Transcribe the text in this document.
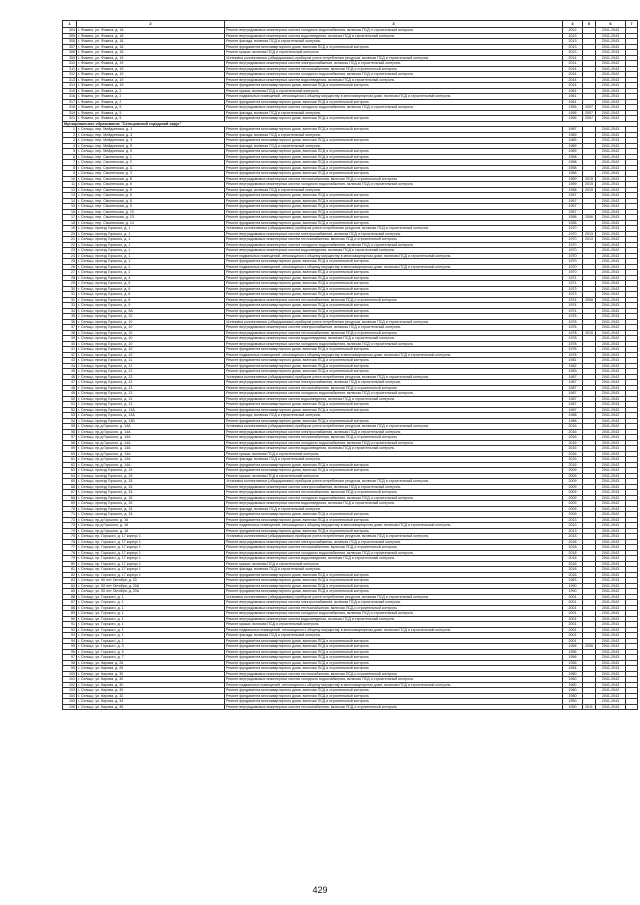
1	2	3	4	5	6	7
304	г. Фокино, ул. Фокина, д. 18	Ремонт внутридомовых инженерных систем холодного водоснабжения, включая ПСД и строительный контроль	2012		2041-2043	
305	г. Фокино, ул. Фокина, д. 18	Ремонт внутридомовых инженерных систем водоотведения, включая ПСД и строительный контроль	2013		2041-2043	
306	г. Фокино, ул. Фокина, д. 18	Ремонт фасада, включая ПСД и строительный контроль	2013		2041-2043	
307	г. Фокино, ул. Фокина, д. 18	Ремонт фундамента многоквартирного дома, включая ПСД и строительный контроль	2013		2041-2043	
308	г. Фокино, ул. Фокина, д. 18	Ремонт крыши, включая ПСД и строительный контроль	2013		2041-2043	
309	г. Фокино, ул. Фокина, д. 19	Установка коллективных (общедомовых) приборов учета потребления ресурсов, включая ПСД и строительный контроль	2014		2041-2043	
310	г. Фокино, ул. Фокина, д. 19	Ремонт внутридомовых инженерных систем электроснабжения, включая ПСД и строительный контроль	2014		2041-2043	
311	г. Фокино, ул. Фокина, д. 19	Ремонт внутридомовых инженерных систем теплоснабжения, включая ПСД и строительный контроль	2014		2041-2043	
312	г. Фокино, ул. Фокина, д. 19	Ремонт внутридомовых инженерных систем холодного водоснабжения, включая ПСД и строительный контроль	2014		2041-2043	
313	г. Фокино, ул. Фокина, д. 19	Ремонт внутридомовых инженерных систем водоотведения, включая ПСД и строительный контроль	2014		2041-2043	
314	г. Фокино, ул. Фокина, д. 19	Ремонт фундамента многоквартирного дома, включая ПСД и строительный контроль	2014		2041-2043	
315	г. Фокино, ул. Фокина, д. 2	Ремонт крыши, включая ПСД и строительный контроль	1961		2041-2043	
316	г. Фокино, ул. Фокина, д. 2	Ремонт подвальных помещений, относящихся к общему имуществу в многоквартирном доме, включая ПСД и строительный контроль	1961		2041-2043	
317	г. Фокино, ул. Фокина, д. 2	Ремонт фундамента многоквартирного дома, включая ПСД и строительный контроль	1961		2041-2043	
318	г. Фокино, ул. Фокина, д. 5	Ремонт внутридомовых инженерных систем холодного водоснабжения, включая ПСД и строительный контроль	1956	2007	2041-2043	
319	г. Фокино, ул. Фокина, д. 5	Ремонт фасада, включая ПСД и строительный контроль	1956	2007	2041-2043	
321	г. Фокино, ул. Фокина, д. 5	Ремонт фундамента многоквартирного дома, включая ПСД и строительный контроль	1956	2007	2041-2043	
Муниципальное образование "Сельцовский городской округ"						
1	г. Сельцо, пер. Мейдонника, д. 1	Ремонт фундамента многоквартирного дома, включая ПСД и строительный контроль	1987		2041-2043	
2	г. Сельцо, пер. Мейдонника, д. 3	Ремонт фасада, включая ПСД и строительный контроль	1989		2041-2043	
3	г. Сельцо, пер. Мейдонника, д. 3	Ремонт фундамента многоквартирного дома, включая ПСД и строительный контроль	1985		2041-2043	
4	г. Сельцо, пер. Мейдонника, д. 5	Ремонт фасада, включая ПСД и строительный контроль	1989		2041-2043	
5	г. Сельцо, пер. Мейдонника, д. 5	Ремонт фундамента многоквартирного дома, включая ПСД и строительный контроль	1989		2041-2043	
6	г. Сельцо, пер. Смоленская, д. 1	Ремонт фундамента многоквартирного дома, включая ПСД и строительный контроль	1958		2041-2043	
7	г. Сельцо, пер. Смоленская, д. 2	Ремонт фундамента многоквартирного дома, включая ПСД и строительный контроль	1958		2041-2043	
8	г. Сельцо, пер. Смоленская, д. 3	Ремонт фундамента многоквартирного дома, включая ПСД и строительный контроль	1958		2041-2043	
9	г. Сельцо, пер. Смоленская, д. 3	Ремонт фундамента многоквартирного дома, включая ПСД и строительный контроль	1958		2041-2043	
10	г. Сельцо, пер. Смоленская, д. 6	Ремонт внутридомовых инженерных систем теплоснабжения, включая ПСД и строительный контроль	1959	2015	2041-2043	
11	г. Сельцо, пер. Смоленская, д. 6	Ремонт внутридомовых инженерных систем холодного водоснабжения, включая ПСД и строительный контроль	1959	2015	2041-2043	
12	г. Сельцо, пер. Смоленская, д. 8	Ремонт фасада, включая ПСД и строительный контроль	1958	2015	2041-2043	
13	г. Сельцо, пер. Смоленская, д. 8	Ремонт фундамента многоквартирного дома, включая ПСД и строительный контроль	1957		2041-2043	
14	г. Сельцо, пер. Смоленская, д. 8	Ремонт фундамента многоквартирного дома, включая ПСД и строительный контроль	1957		2041-2043	
15	г. Сельцо, пер. Смоленская, д. 9	Ремонт фундамента многоквартирного дома, включая ПСД и строительный контроль	1957		2041-2043	
16	г. Сельцо, пер. Смоленская, д. 10	Ремонт фундамента многоквартирного дома, включая ПСД и строительный контроль	1957		2041-2043	
17	г. Сельцо, пер. Смоленская, д. 13	Ремонт фундамента многоквартирного дома, включая ПСД и строительный контроль	1958	2006	2041-2043	
18	г. Сельцо, пер. Смоленская, д. 13	Ремонт фундамента многоквартирного дома, включая ПСД и строительный контроль	1958		2041-2043	
19	г. Сельцо, проезд Горького, д. 1	Установка коллективных (общедомовых) приборов учета потребления ресурсов, включая ПСД и строительный контроль	1970		2041-2043	
20	г. Сельцо, проезд Горького, д. 1	Ремонт внутридомовых инженерных систем электроснабжения, включая ПСД и строительный контроль	1970	2013	2041-2043	
21	г. Сельцо, проезд Горького, д. 1	Ремонт внутридомовых инженерных систем теплоснабжения, включая ПСД и строительный контроль	1970	2013	2041-2043	
22	г. Сельцо, проезд Горького, д. 1	Ремонт внутридомовых инженерных систем холодного водоснабжения, включая ПСД и строительный контроль	1970		2041-2043	
23	г. Сельцо, проезд Горького, д. 1	Ремонт внутридомовых инженерных систем водоотведения, включая ПСД и строительный контроль	1970		2041-2043	
24	г. Сельцо, проезд Горького, д. 1	Ремонт подвальных помещений, относящихся к общему имуществу в многоквартирном доме, включая ПСД и строительный контроль	1970		2041-2043	
25	г. Сельцо, проезд Горького, д. 1	Ремонт фундамента многоквартирного дома, включая ПСД и строительный контроль	1970		2041-2043	
26	г. Сельцо, проезд Горького, д. 2	Ремонт подвальных помещений, относящихся к общему имуществу в многоквартирном доме, включая ПСД и строительный контроль	1970		2041-2043	
27	г. Сельцо, проезд Горького, д. 2	Ремонт фундамента многоквартирного дома, включая ПСД и строительный контроль	1970		2041-2043	
28	г. Сельцо, проезд Горького, д. 4	Ремонт фундамента многоквартирного дома, включая ПСД и строительный контроль	1971		2041-2043	
29	г. Сельцо, проезд Горького, д. 5	Ремонт фундамента многоквартирного дома, включая ПСД и строительный контроль	1971		2041-2043	
30	г. Сельцо, проезд Горького, д. 6	Ремонт фундамента многоквартирного дома, включая ПСД и строительный контроль	1973		2041-2043	
31	г. Сельцо, проезд Горького, д. 8	Ремонт фундамента многоквартирного дома, включая ПСД и строительный контроль	1973		2041-2043	
32	г. Сельцо, проезд Горького, д. 8	Ремонт внутридомовых инженерных систем теплоснабжения, включая ПСД и строительный контроль	1974	2008	2041-2043	
33	г. Сельцо, проезд Горького, д. 9	Ремонт фундамента многоквартирного дома, включая ПСД и строительный контроль	1974		2041-2043	
34	г. Сельцо, проезд Горького, д. 9А	Ремонт фундамента многоквартирного дома, включая ПСД и строительный контроль	1974		2041-2043	
35	г. Сельцо, проезд Горького, д. 10	Ремонт фундамента многоквартирного дома, включая ПСД и строительный контроль	1976		2041-2043	
36	г. Сельцо, проезд Горького, д. 10	Установка коллективных (общедомовых) приборов учета потребления ресурсов, включая ПСД и строительный контроль	1978		2041-2043	
37	г. Сельцо, проезд Горького, д. 10	Ремонт внутридомовых инженерных систем электроснабжения, включая ПСД и строительный контроль	1978		2041-2043	
38	г. Сельцо, проезд Горького, д. 10	Ремонт внутридомовых инженерных систем теплоснабжения, включая ПСД и строительный контроль	1978	2010	2041-2043	
39	г. Сельцо, проезд Горького, д. 10	Ремонт внутридомовых инженерных систем водоотведения, включая ПСД и строительный контроль	1978		2041-2043	
40	г. Сельцо, проезд Горького, д. 10	Ремонт внутридомовых инженерных систем холодного водоснабжения, включая ПСД и строительный контроль	1978		2041-2043	
41	г. Сельцо, проезд Горького, д. 10	Ремонт фундамента многоквартирного дома, включая ПСД и строительный контроль	1978		2041-2043	
42	г. Сельцо, проезд Горького, д. 10	Ремонт подвальных помещений, относящихся к общему имуществу в многоквартирном доме, включая ПСД и строительный контроль	1978		2041-2043	
43	г. Сельцо, проезд Горького, д. 11	Ремонт фундамента многоквартирного дома, включая ПСД и строительный контроль	1981		2041-2043	
44	г. Сельцо, проезд Горького, д. 11	Ремонт фундамента многоквартирного дома, включая ПСД и строительный контроль	1982		2041-2043	
45	г. Сельцо, проезд Горького, д. 12	Ремонт фундамента многоквартирного дома, включая ПСД и строительный контроль	1983		2041-2043	
46	г. Сельцо, проезд Горького, д. 13	Установка коллективных (общедомовых) приборов учета потребления ресурсов, включая ПСД и строительный контроль	1987		2041-2043	
47	г. Сельцо, проезд Горького, д. 13	Ремонт внутридомовых инженерных систем электроснабжения, включая ПСД и строительный контроль	1987		2041-2043	
48	г. Сельцо, проезд Горького, д. 13	Ремонт внутридомовых инженерных систем теплоснабжения, включая ПСД и строительный контроль	1987		2041-2043	
49	г. Сельцо, проезд Горького, д. 13	Ремонт внутридомовых инженерных систем холодного водоснабжения, включая ПСД и строительный контроль	1987		2041-2043	
50	г. Сельцо, проезд Горького, д. 13	Ремонт внутридомовых инженерных систем водоотведения, включая ПСД и строительный контроль	1987		2041-2043	
51	г. Сельцо, проезд Горького, д. 13	Ремонт фундамента многоквартирного дома, включая ПСД и строительный контроль	1987		2041-2043	
52	г. Сельцо, проезд Горького, д. 13А	Ремонт фундамента многоквартирного дома, включая ПСД и строительный контроль	1987		2041-2043	
53	г. Сельцо, проезд Горького, д. 13А	Ремонт фасада, включая ПСД и строительный контроль	1988		2041-2043	
54	г. Сельцо, проезд Горького, д. 13Б	Ремонт фундамента многоквартирного дома, включая ПСД и строительный контроль	1988		2041-2043	
55	г. Сельцо, пр-д Горького, д. 14А	Установка коллективных (общедомовых) приборов учета потребления ресурсов, включая ПСД и строительный контроль	2016		2041-2043	
56	г. Сельцо, пр-д Горького, д. 14А	Ремонт внутридомовых инженерных систем электроснабжения, включая ПСД и строительный контроль	2016		2041-2043	
57	г. Сельцо, пр-д Горького, д. 14А	Ремонт внутридомовых инженерных систем теплоснабжения, включая ПСД и строительный контроль	2016		2041-2043	
58	г. Сельцо, пр-д Горького, д. 14А	Ремонт внутридомовых инженерных систем холодного водоснабжения, включая ПСД и строительный контроль	2016		2041-2043	
59	г. Сельцо, пр-д Горького, д. 14А	Ремонт внутридомовых инженерных систем водоотведения, включая ПСД и строительный контроль	2016		2041-2043	
60	г. Сельцо, пр-д Горького, д. 14А	Ремонт крыши, включая ПСД и строительный контроль	2016		2041-2043	
61	г. Сельцо, пр-д Горького, д. 14А	Ремонт фасада, включая ПСД и строительный контроль	2016		2041-2043	
62	г. Сельцо, пр-д Горького, д. 14А	Ремонт фундамента многоквартирного дома, включая ПСД и строительный контроль	2016		2041-2043	
63	г. Сельцо, проезд Горького, д. 15	Ремонт фундамента многоквартирного дома, включая ПСД и строительный контроль	2009		2041-2043	
64	г. Сельцо, проезд Горького, д. 15	Ремонт крыши, включая ПСД и строительный контроль	2009		2041-2043	
65	г. Сельцо, проезд Горького, д. 15	Установка коллективных (общедомовых) приборов учета потребления ресурсов, включая ПСД и строительный контроль	2009		2041-2043	
66	г. Сельцо, проезд Горького, д. 15	Ремонт внутридомовых инженерных систем электроснабжения, включая ПСД и строительный контроль	2009		2041-2043	
67	г. Сельцо, проезд Горького, д. 15	Ремонт внутридомовых инженерных систем теплоснабжения, включая ПСД и строительный контроль	2009		2041-2043	
68	г. Сельцо, проезд Горького, д. 15	Ремонт внутридомовых инженерных систем холодного водоснабжения, включая ПСД и строительный контроль	2009		2041-2043	
69	г. Сельцо, проезд Горького, д. 15	Ремонт внутридомовых инженерных систем водоотведения, включая ПСД и строительный контроль	2009		2041-2043	
70	г. Сельцо, проезд Горького, д. 15	Ремонт фасада, включая ПСД и строительный контроль	2009		2041-2043	
71	г. Сельцо, проезд Горького, д. 15	Ремонт фундамента многоквартирного дома, включая ПСД и строительный контроль	2009		2041-2043	
72	г. Сельцо, пр-д Горького, д. 16	Ремонт фундамента многоквартирного дома, включая ПСД и строительный контроль	2013		2041-2043	
73	г. Сельцо, пр-д Горького, д. 16	Ремонт подвальных помещений, относящихся к общему имуществу в многоквартирном доме, включая ПСД и строительный контроль	2013		2041-2043	
74	г. Сельцо, пр-д Горького, д. 16	Ремонт фундамента многоквартирного дома, включая ПСД и строительный контроль	2013		2041-2043	
75	г. Сельцо, пр. Горького, д. 17 корпус 1	Установка коллективных (общедомовых) приборов учета потребления ресурсов, включая ПСД и строительный контроль	2018		2041-2043	
76	г. Сельцо, пр. Горького, д. 17 корпус 1	Ремонт внутридомовых инженерных систем электроснабжения, включая ПСД и строительный контроль	2018		2041-2043	
77	г. Сельцо, пр. Горького, д. 17 корпус 1	Ремонт внутридомовых инженерных систем теплоснабжения, включая ПСД и строительный контроль	2018		2041-2043	
78	г. Сельцо, пр. Горького, д. 17 корпус 1	Ремонт внутридомовых инженерных систем холодного водоснабжения, включая ПСД и строительный контроль	2018		2041-2043	
79	г. Сельцо, пр. Горького, д. 17 корпус 1	Ремонт внутридомовых инженерных систем водоотведения, включая ПСД и строительный контроль	2018		2041-2043	
80	г. Сельцо, пр. Горького, д. 17 корпус 1	Ремонт крыши, включая ПСД и строительный контроль	2018		2041-2043	
81	г. Сельцо, пр. Горького, д. 17 корпус 1	Ремонт фасада, включая ПСД и строительный контроль	2018		2041-2043	
82	г. Сельцо, пр. Горького, д. 17 корпус 1	Ремонт фундамента многоквартирного дома, включая ПСД и строительный контроль	2018		2041-2043	
83	г. Сельцо, ул. 50 лет Октября, д. 20	Ремонт фундамента многоквартирного дома, включая ПСД и строительный контроль	1963		2041-2043	
84	г. Сельцо, ул. 50 лет Октября, д. 20А	Ремонт фундамента многоквартирного дома, включая ПСД и строительный контроль	1990		2041-2043	
85	г. Сельцо, ул. 50 лет Октября, д. 20А	Ремонт фундамента многоквартирного дома, включая ПСД и строительный контроль	1990		2041-2043	
86	г. Сельцо, ул. Горького, д. 1	Установка коллективных (общедомовых) приборов учета потребления ресурсов, включая ПСД и строительный контроль	2001		2041-2043	
87	г. Сельцо, ул. Горького, д. 1	Ремонт внутридомовых инженерных систем электроснабжения, включая ПСД и строительный контроль	2001		2041-2043	
88	г. Сельцо, ул. Горького, д. 1	Ремонт внутридомовых инженерных систем теплоснабжения, включая ПСД и строительный контроль	2001		2041-2043	
89	г. Сельцо, ул. Горького, д. 1	Ремонт внутридомовых инженерных систем холодного водоснабжения, включая ПСД и строительный контроль	2001		2041-2043	
90	г. Сельцо, ул. Горького, д. 1	Ремонт внутридомовых инженерных систем водоотведения, включая ПСД и строительный контроль	2001		2041-2043	
91	г. Сельцо, ул. Горького, д. 1	Ремонт крыши, включая ПСД и строительный контроль	2001		2041-2043	
92	г. Сельцо, ул. Горького, д. 1	Ремонт подвальных помещений, относящихся к общему имуществу в многоквартирном доме, включая ПСД и строительный контроль	2001		2041-2043	
93	г. Сельцо, ул. Горького, д. 1	Ремонт фасада, включая ПСД и строительный контроль	2001		2041-2043	
94	г. Сельцо, ул. Горького, д. 1	Ремонт фундамента многоквартирного дома, включая ПСД и строительный контроль	2001		2041-2043	
95	г. Сельцо, ул. Горького, д. 3	Ремонт фундамента многоквартирного дома, включая ПСД и строительный контроль	1956	2008	2041-2043	
96	г. Сельцо, ул. Горького, д. 5	Ремонт фундамента многоквартирного дома, включая ПСД и строительный контроль	1956		2041-2043	
97	г. Сельцо, ул. Горького, д. 7	Ремонт фундамента многоквартирного дома, включая ПСД и строительный контроль	1956		2041-2043	
98	г. Сельцо, ул. Кирова, д. 26	Ремонт фундамента многоквартирного дома, включая ПСД и строительный контроль	1956		2041-2043	
99	г. Сельцо, ул. Кирова, д. 28	Ремонт фундамента многоквартирного дома, включая ПСД и строительный контроль	1954		2041-2043	
100	г. Сельцо, ул. Кирова, д. 30	Ремонт внутридомовых инженерных систем теплоснабжения, включая ПСД и строительный контроль	1960		2041-2043	
101	г. Сельцо, ул. Кирова, д. 30	Ремонт внутридомовых инженерных систем холодного водоснабжения, включая ПСД и строительный контроль	1960		2041-2043	
102	г. Сельцо, ул. Кирова, д. 30	Ремонт подвальных помещений, относящихся к общему имуществу в многоквартирном доме, включая ПСД и строительный контроль	1960		2041-2043	
103	г. Сельцо, ул. Кирова, д. 30	Ремонт фундамента многоквартирного дома, включая ПСД и строительный контроль	1960		2041-2043	
104	г. Сельцо, ул. Кирова, д. 32	Ремонт фундамента многоквартирного дома, включая ПСД и строительный контроль	1950		2041-2043	
105	г. Сельцо, ул. Кирова, д. 34	Ремонт фундамента многоквартирного дома, включая ПСД и строительный контроль	1950		2041-2043	
106	г. Сельцо, ул. Кирова, д. 36	Ремонт внутридомовых инженерных систем теплоснабжения, включая ПСД и строительный контроль	1950	2011	2041-2043	
429
